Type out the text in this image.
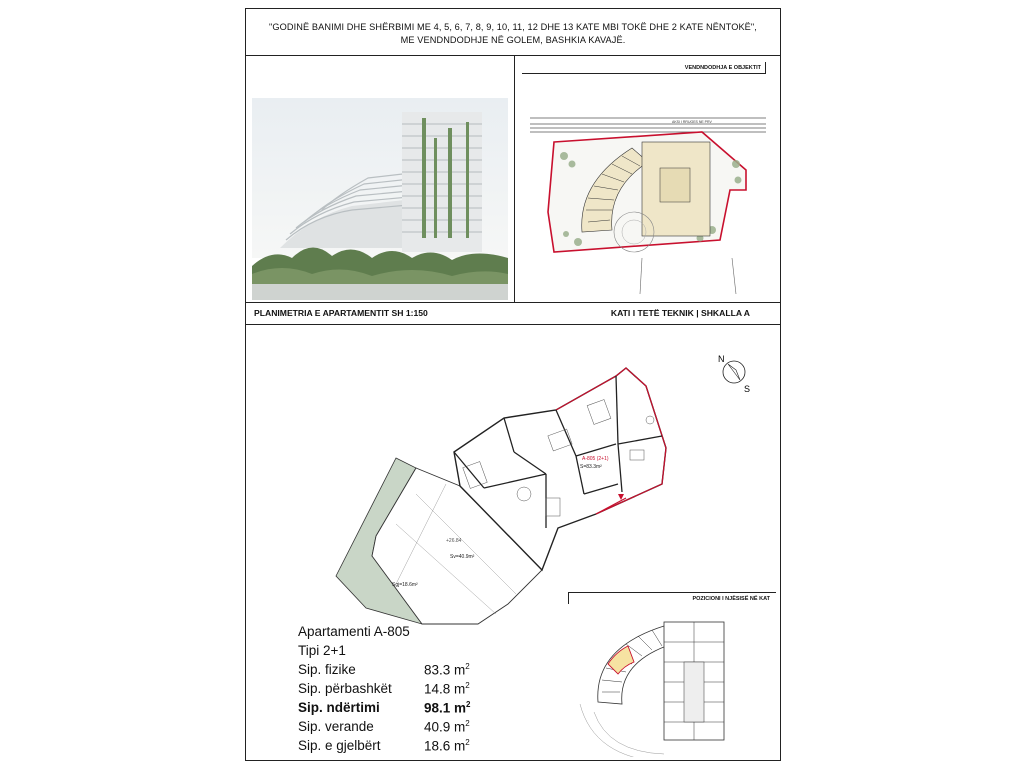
"GODINË BANIMI DHE SHËRBIMI ME 4, 5, 6, 7, 8, 9, 10, 11, 12 DHE 13 KATE MBI TOKË DHE 2 KATE NËNTOKË",
ME VENDNDODHJE NË GOLEM, BASHKIA KAVAJË.
VENDNDODHJA E OBJEKTIT
AKSI I RRUGES NE PRV
PLANIMETRIA E APARTAMENTIT SH 1:150	KATI I TETË TEKNIK | SHKALLA A
N
S
A-805 (2+1)
S=83.3m²
+26.84
Sv=40.9m²
Sgj=18.6m²
Apartamenti A-805
Tipi 2+1
Sip. fizike	83.3 $m^2$
Sip. përbashkët 14.8 $m^2$
Sip. ndërtimi	98.1 $m^2$
Sip. verande	40.9 $m^2$
Sip. e gjelbërt	18.6 $m^2$
POZICIONI I NJËSISË NË KAT
